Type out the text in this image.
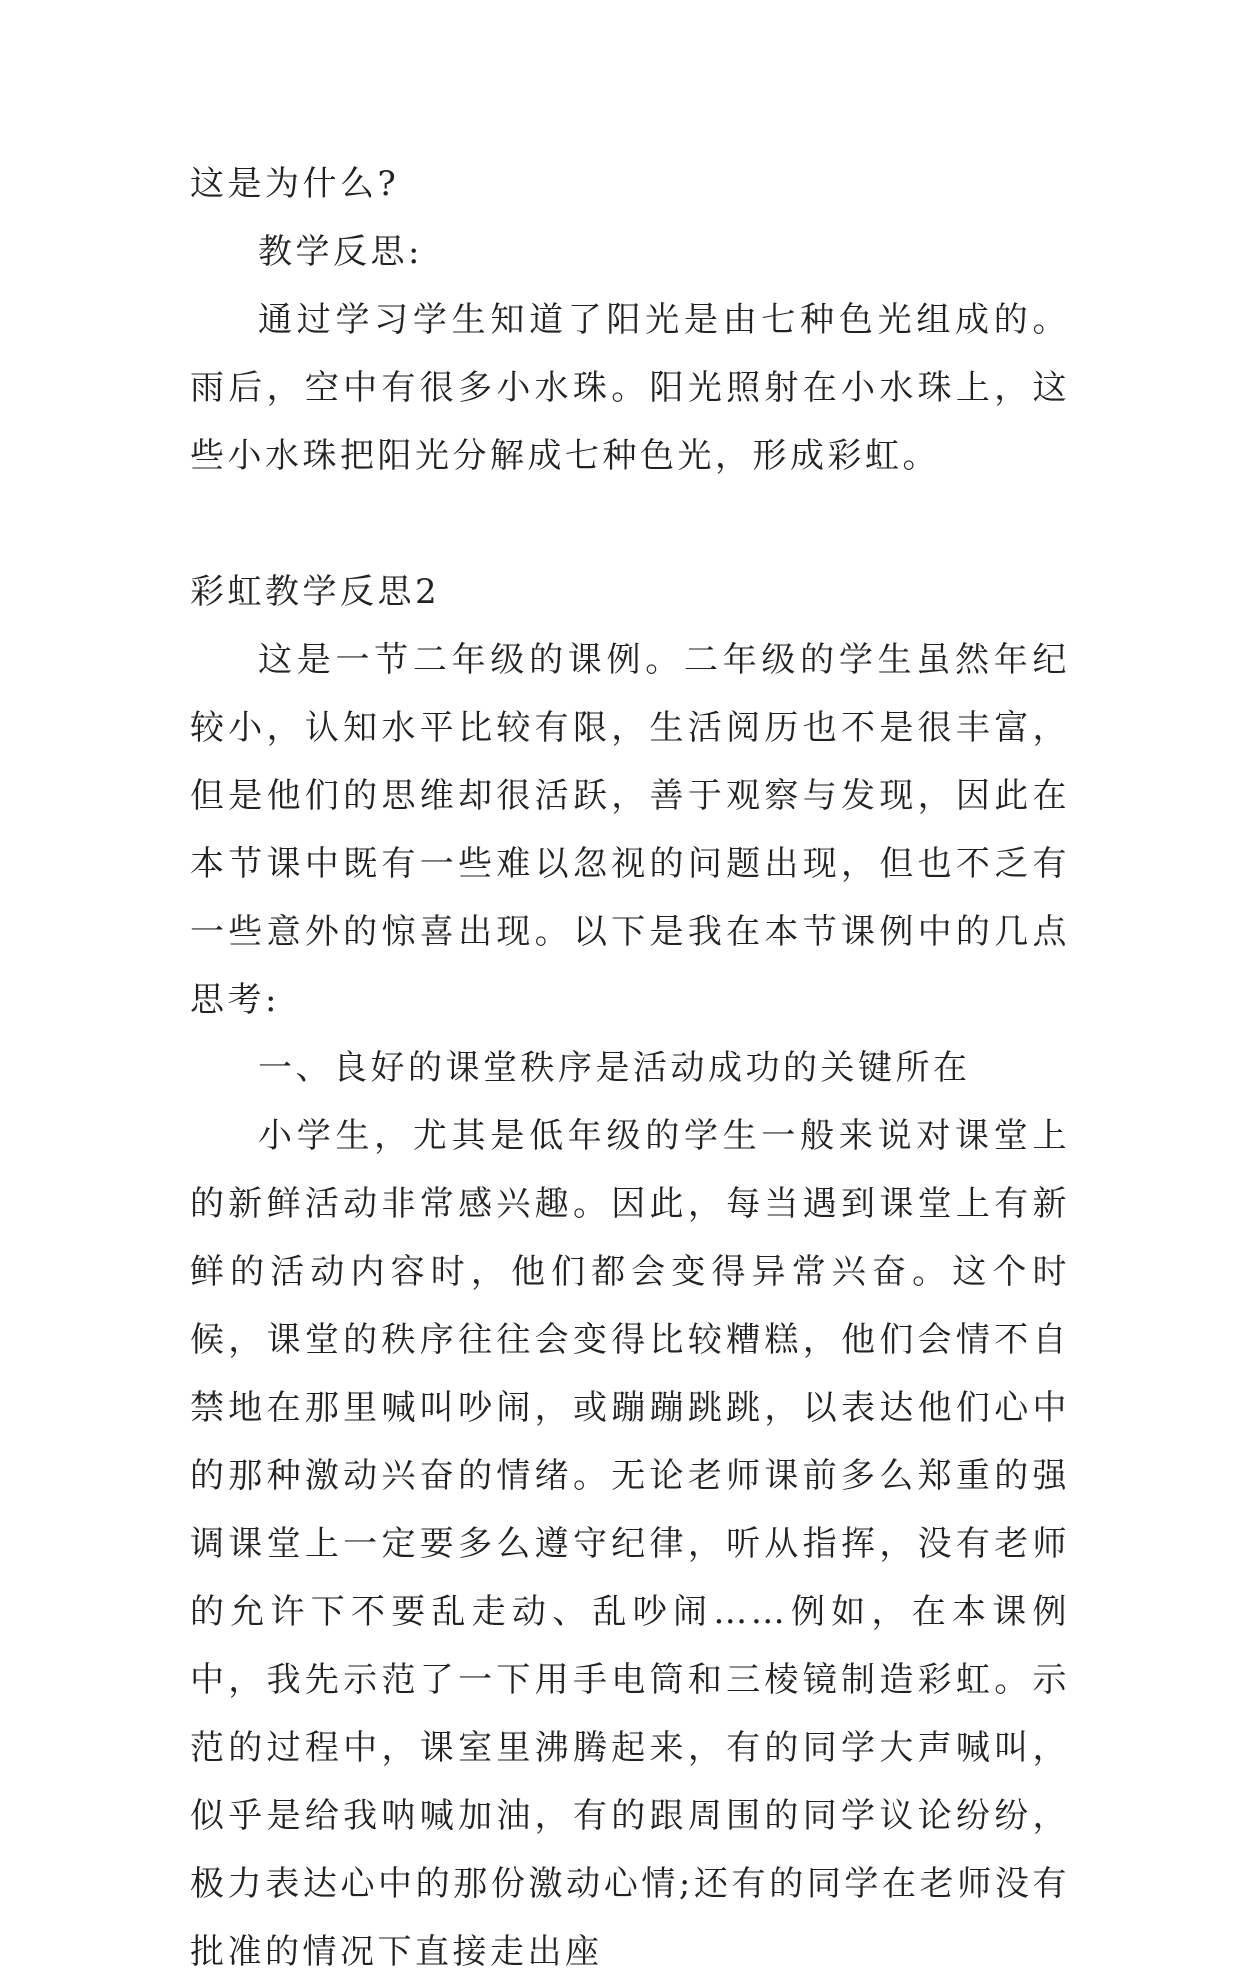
这是为什么?

教学反思:

通过学习学生知道了阳光是由七种色光组成的。雨后，空中有很多小水珠。阳光照射在小水珠上，这些小水珠把阳光分解成七种色光，形成彩虹。

彩虹教学反思2

这是一节二年级的课例。二年级的学生虽然年纪较小，认知水平比较有限，生活阅历也不是很丰富，但是他们的思维却很活跃，善于观察与发现，因此在本节课中既有一些难以忽视的问题出现，但也不乏有一些意外的惊喜出现。以下是我在本节课例中的几点思考:

一、良好的课堂秩序是活动成功的关键所在

小学生，尤其是低年级的学生一般来说对课堂上的新鲜活动非常感兴趣。因此，每当遇到课堂上有新鲜的活动内容时，他们都会变得异常兴奋。这个时候，课堂的秩序往往会变得比较糟糕，他们会情不自禁地在那里喊叫吵闹，或蹦蹦跳跳，以表达他们心中的那种激动兴奋的情绪。无论老师课前多么郑重的强调课堂上一定要多么遵守纪律，听从指挥，没有老师的允许下不要乱走动、乱吵闹……例如，在本课例中，我先示范了一下用手电筒和三棱镜制造彩虹。示范的过程中，课室里沸腾起来，有的同学大声喊叫，似乎是给我呐喊加油，有的跟周围的同学议论纷纷，极力表达心中的那份激动心情;还有的同学在老师没有批准的情况下直接走出座
